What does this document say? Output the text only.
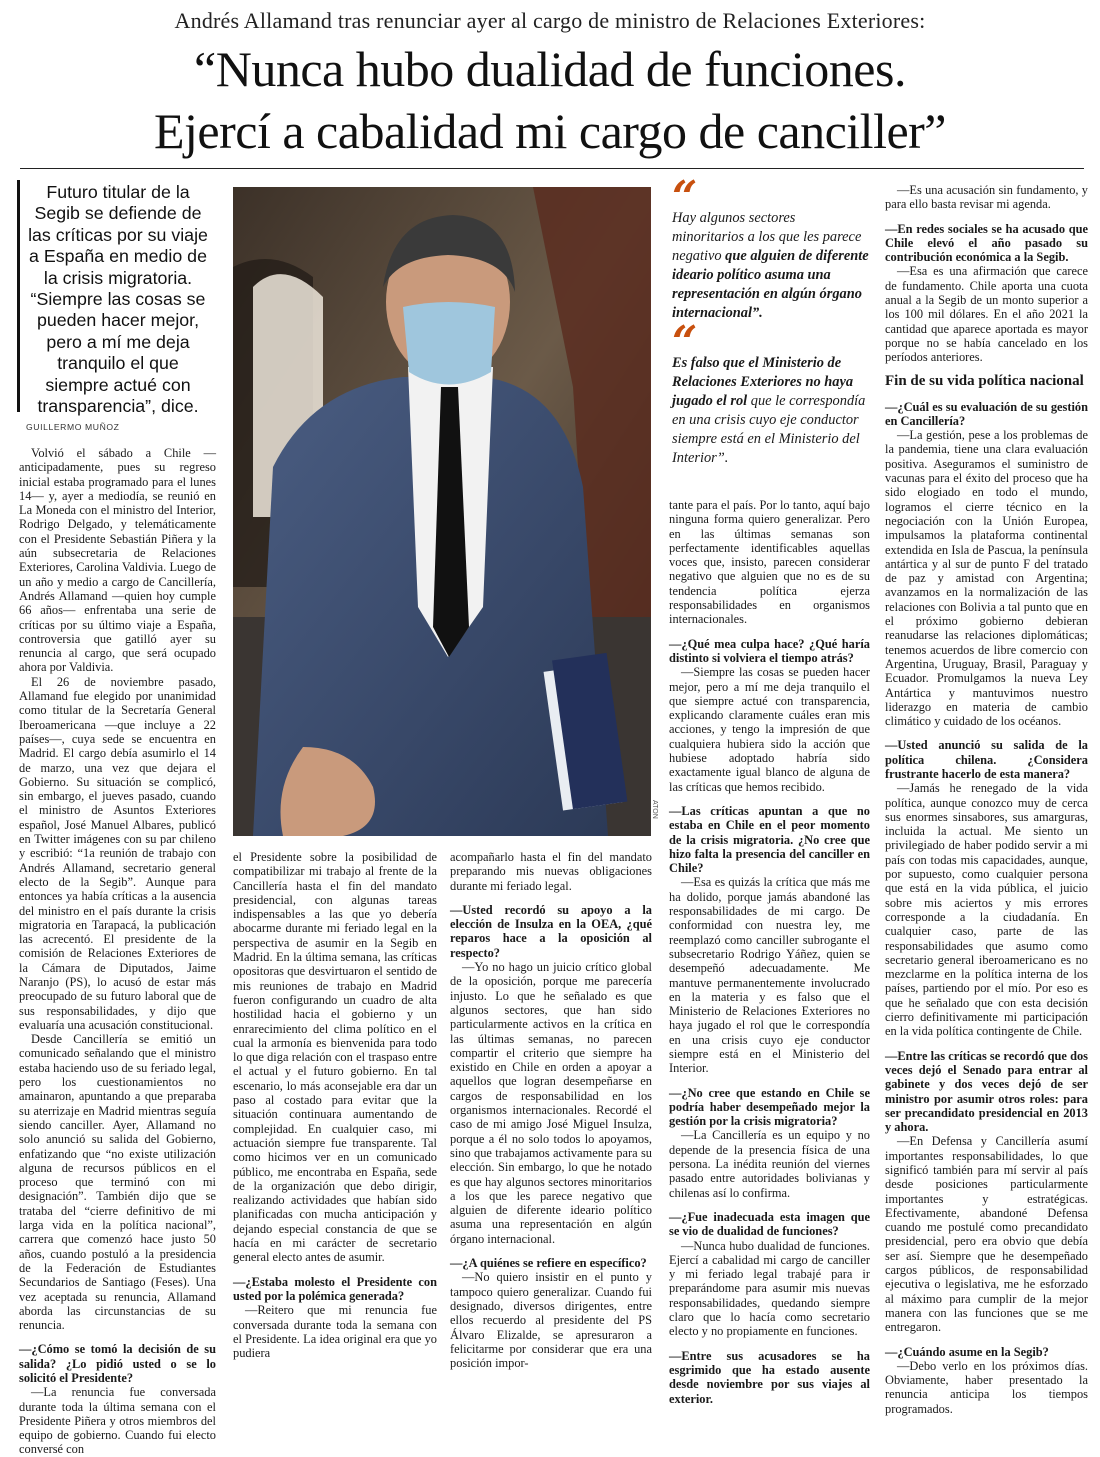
Andrés Allamand tras renunciar ayer al cargo de ministro de Relaciones Exteriores:
“Nunca hubo dualidad de funciones.
Ejercí a cabalidad mi cargo de canciller”
Futuro titular de la Segib se defiende de las críticas por su viaje a España en medio de la crisis migratoria. “Siempre las cosas se pueden hacer mejor, pero a mí me deja tranquilo el que siempre actué con transparencia”, dice.
GUILLERMO MUÑOZ
ATON

Volvió el sábado a Chile —anticipadamente, pues su regreso inicial estaba programado para el lunes 14— y, ayer a mediodía, se reunió en La Moneda con el ministro del Interior, Rodrigo Delgado, y telemáticamente con el Presidente Sebastián Piñera y la aún subsecretaria de Relaciones Exteriores, Carolina Valdivia. Luego de un año y medio a cargo de Cancillería, Andrés Allamand —quien hoy cumple 66 años— enfrentaba una serie de críticas por su último viaje a España, controversia que gatilló ayer su renuncia al cargo, que será ocupado ahora por Valdivia.

El 26 de noviembre pasado, Allamand fue elegido por unanimidad como titular de la Secretaría General Iberoamericana —que incluye a 22 países—, cuya sede se encuentra en Madrid. El cargo debía asumirlo el 14 de marzo, una vez que dejara el Gobierno. Su situación se complicó, sin embargo, el jueves pasado, cuando el ministro de Asuntos Exteriores español, José Manuel Albares, publicó en Twitter imágenes con su par chileno y escribió: “1a reunión de trabajo con Andrés Allamand, secretario general electo de la Segib”. Aunque para entonces ya había críticas a la ausencia del ministro en el país durante la crisis migratoria en Tarapacá, la publicación las acrecentó. El presidente de la comisión de Relaciones Exteriores de la Cámara de Diputados, Jaime Naranjo (PS), lo acusó de estar más preocupado de su futuro laboral que de sus responsabilidades, y dijo que evaluaría una acusación constitucional.

Desde Cancillería se emitió un comunicado señalando que el ministro estaba haciendo uso de su feriado legal, pero los cuestionamientos no amainaron, apuntando a que preparaba su aterrizaje en Madrid mientras seguía siendo canciller. Ayer, Allamand no solo anunció su salida del Gobierno, enfatizando que “no existe utilización alguna de recursos públicos en el proceso que terminó con mi designación”. También dijo que se trataba del “cierre definitivo de mi larga vida en la política nacional”, carrera que comenzó hace justo 50 años, cuando postuló a la presidencia de la Federación de Estudiantes Secundarios de Santiago (Feses). Una vez aceptada su renuncia, Allamand aborda las circunstancias de su renuncia.

—¿Cómo se tomó la decisión de su salida? ¿Lo pidió usted o se lo solicitó el Presidente?

—La renuncia fue conversada durante toda la última semana con el Presidente Piñera y otros miembros del equipo de gobierno. Cuando fui electo conversé con

el Presidente sobre la posibilidad de compatibilizar mi trabajo al frente de la Cancillería hasta el fin del mandato presidencial, con algunas tareas indispensables a las que yo debería abocarme durante mi feriado legal en la perspectiva de asumir en la Segib en Madrid. En la última semana, las críticas opositoras que desvirtuaron el sentido de mis reuniones de trabajo en Madrid fueron configurando un cuadro de alta hostilidad hacia el gobierno y un enrarecimiento del clima político en el cual la armonía es bienvenida para todo lo que diga relación con el traspaso entre el actual y el futuro gobierno. En tal escenario, lo más aconsejable era dar un paso al costado para evitar que la situación continuara aumentando de complejidad. En cualquier caso, mi actuación siempre fue transparente. Tal como hicimos ver en un comunicado público, me encontraba en España, sede de la organización que debo dirigir, realizando actividades que habían sido planificadas con mucha anticipación y dejando especial constancia de que se hacía en mi carácter de secretario general electo antes de asumir.

—¿Estaba molesto el Presidente con usted por la polémica generada?

—Reitero que mi renuncia fue conversada durante toda la semana con el Presidente. La idea original era que yo pudiera

acompañarlo hasta el fin del mandato preparando mis nuevas obligaciones durante mi feriado legal.

—Usted recordó su apoyo a la elección de Insulza en la OEA, ¿qué reparos hace a la oposición al respecto?

—Yo no hago un juicio crítico global de la oposición, porque me parecería injusto. Lo que he señalado es que algunos sectores, que han sido particularmente activos en la crítica en las últimas semanas, no parecen compartir el criterio que siempre ha existido en Chile en orden a apoyar a aquellos que logran desempeñarse en cargos de responsabilidad en los organismos internacionales. Recordé el caso de mi amigo José Miguel Insulza, porque a él no solo todos lo apoyamos, sino que trabajamos activamente para su elección. Sin embargo, lo que he notado es que hay algunos sectores minoritarios a los que les parece negativo que alguien de diferente ideario político asuma una representación en algún órgano internacional.

—¿A quiénes se refiere en específico?

—No quiero insistir en el punto y tampoco quiero generalizar. Cuando fui designado, diversos dirigentes, entre ellos recuerdo al presidente del PS Álvaro Elizalde, se apresuraron a felicitarme por considerar que era una posición impor-

“
Hay algunos sectores minoritarios a los que les parece negativo que alguien de diferente ideario político asuma una representación en algún órgano internacional”.
“
Es falso que el Ministerio de Relaciones Exteriores no haya jugado el rol que le correspondía en una crisis cuyo eje conductor siempre está en el Ministerio del Interior”.

tante para el país. Por lo tanto, aquí bajo ninguna forma quiero generalizar. Pero en las últimas semanas son perfectamente identificables aquellas voces que, insisto, parecen considerar negativo que alguien que no es de su tendencia política ejerza responsabilidades en organismos internacionales.

—¿Qué mea culpa hace? ¿Qué haría distinto si volviera el tiempo atrás?

—Siempre las cosas se pueden hacer mejor, pero a mí me deja tranquilo el que siempre actué con transparencia, explicando claramente cuáles eran mis acciones, y tengo la impresión de que cualquiera hubiera sido la acción que hubiese adoptado habría sido exactamente igual blanco de alguna de las críticas que hemos recibido.

—Las críticas apuntan a que no estaba en Chile en el peor momento de la crisis migratoria. ¿No cree que hizo falta la presencia del canciller en Chile?

—Esa es quizás la crítica que más me ha dolido, porque jamás abandoné las responsabilidades de mi cargo. De conformidad con nuestra ley, me reemplazó como canciller subrogante el subsecretario Rodrigo Yáñez, quien se desempeñó adecuadamente. Me mantuve permanentemente involucrado en la materia y es falso que el Ministerio de Relaciones Exteriores no haya jugado el rol que le correspondía en una crisis cuyo eje conductor siempre está en el Ministerio del Interior.

—¿No cree que estando en Chile se podría haber desempeñado mejor la gestión por la crisis migratoria?

—La Cancillería es un equipo y no depende de la presencia física de una persona. La inédita reunión del viernes pasado entre autoridades bolivianas y chilenas así lo confirma.

—¿Fue inadecuada esta imagen que se vio de dualidad de funciones?

—Nunca hubo dualidad de funciones. Ejercí a cabalidad mi cargo de canciller y mi feriado legal trabajé para ir preparándome para asumir mis nuevas responsabilidades, quedando siempre claro que lo hacía como secretario electo y no propiamente en funciones.

—Entre sus acusadores se ha esgrimido que ha estado ausente desde noviembre por sus viajes al exterior.

—Es una acusación sin fundamento, y para ello basta revisar mi agenda.

—En redes sociales se ha acusado que Chile elevó el año pasado su contribución económica a la Segib.

—Esa es una afirmación que carece de fundamento. Chile aporta una cuota anual a la Segib de un monto superior a los 100 mil dólares. En el año 2021 la cantidad que aparece aportada es mayor porque no se había cancelado en los períodos anteriores.

Fin de su vida política nacional

—¿Cuál es su evaluación de su gestión en Cancillería?

—La gestión, pese a los problemas de la pandemia, tiene una clara evaluación positiva. Aseguramos el suministro de vacunas para el éxito del proceso que ha sido elogiado en todo el mundo, logramos el cierre técnico en la negociación con la Unión Europea, impulsamos la plataforma continental extendida en Isla de Pascua, la península antártica y al sur de punto F del tratado de paz y amistad con Argentina; avanzamos en la normalización de las relaciones con Bolivia a tal punto que en el próximo gobierno debieran reanudarse las relaciones diplomáticas; tenemos acuerdos de libre comercio con Argentina, Uruguay, Brasil, Paraguay y Ecuador. Promulgamos la nueva Ley Antártica y mantuvimos nuestro liderazgo en materia de cambio climático y cuidado de los océanos.

—Usted anunció su salida de la política chilena. ¿Considera frustrante hacerlo de esta manera?

—Jamás he renegado de la vida política, aunque conozco muy de cerca sus enormes sinsabores, sus amarguras, incluida la actual. Me siento un privilegiado de haber podido servir a mi país con todas mis capacidades, aunque, por supuesto, como cualquier persona que está en la vida pública, el juicio sobre mis aciertos y mis errores corresponde a la ciudadanía. En cualquier caso, parte de las responsabilidades que asumo como secretario general iberoamericano es no mezclarme en la política interna de los países, partiendo por el mío. Por eso es que he señalado que con esta decisión cierro definitivamente mi participación en la vida política contingente de Chile.

—Entre las críticas se recordó que dos veces dejó el Senado para entrar al gabinete y dos veces dejó de ser ministro por asumir otros roles: para ser precandidato presidencial en 2013 y ahora.

—En Defensa y Cancillería asumí importantes responsabilidades, lo que significó también para mí servir al país desde posiciones particularmente importantes y estratégicas. Efectivamente, abandoné Defensa cuando me postulé como precandidato presidencial, pero era obvio que debía ser así. Siempre que he desempeñado cargos públicos, de responsabilidad ejecutiva o legislativa, me he esforzado al máximo para cumplir de la mejor manera con las funciones que se me entregaron.

—¿Cuándo asume en la Segib?

—Debo verlo en los próximos días. Obviamente, haber presentado la renuncia anticipa los tiempos programados.
